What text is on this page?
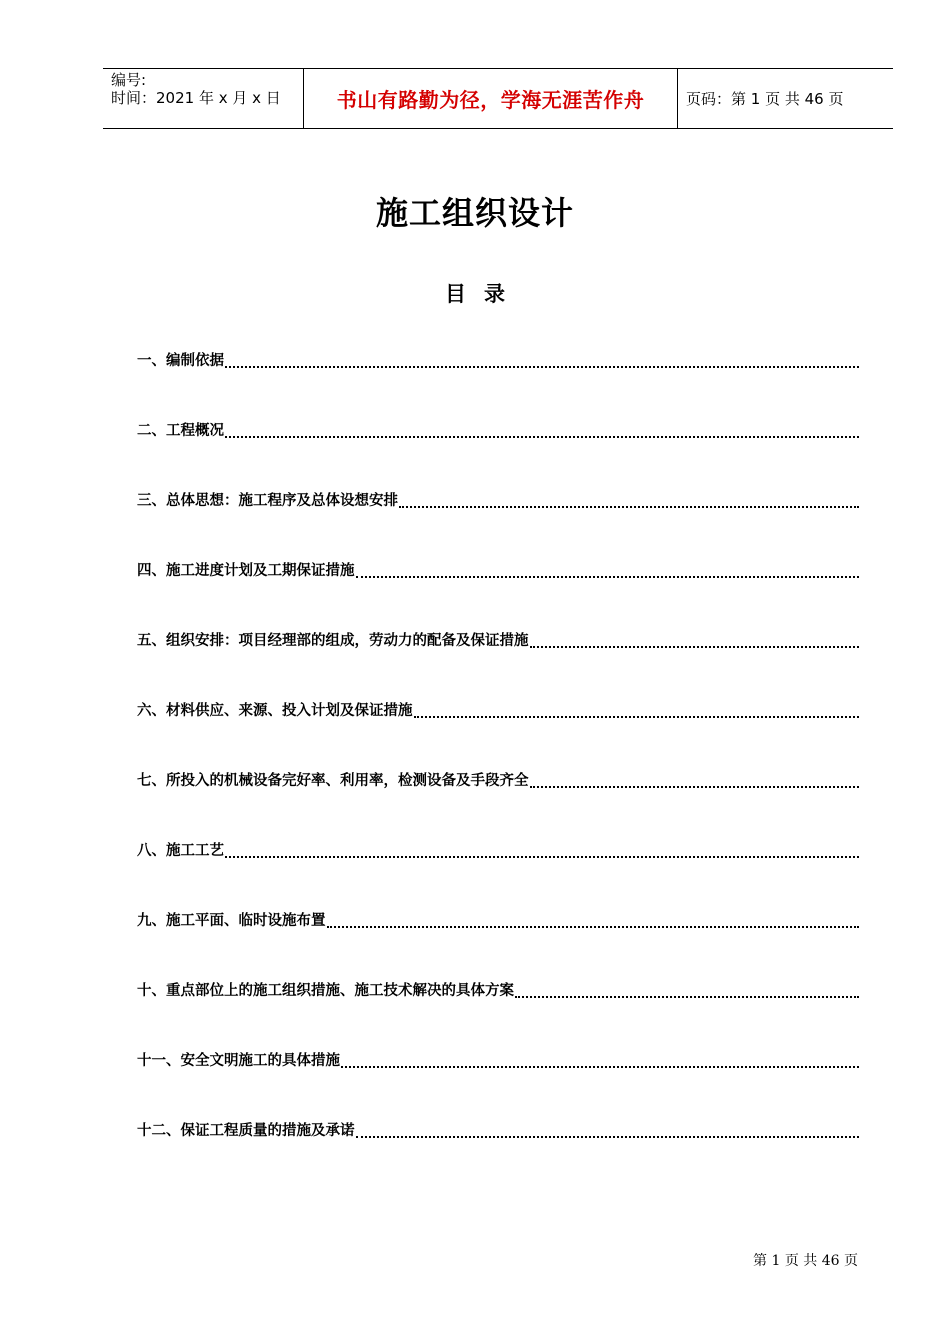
编号:
时间：2021 年 x 月 x 日	书山有路勤为径，学海无涯苦作舟	页码：第 1 页 共 46 页
施工组织设计
目录
一、编制依据
二、工程概况
三、总体思想：施工程序及总体设想安排
四、施工进度计划及工期保证措施
五、组织安排：项目经理部的组成，劳动力的配备及保证措施
六、材料供应、来源、投入计划及保证措施
七、所投入的机械设备完好率、利用率，检测设备及手段齐全
八、施工工艺
九、施工平面、临时设施布置
十、重点部位上的施工组织措施、施工技术解决的具体方案
十一、安全文明施工的具体措施
十二、保证工程质量的措施及承诺
第 1 页 共 46 页
